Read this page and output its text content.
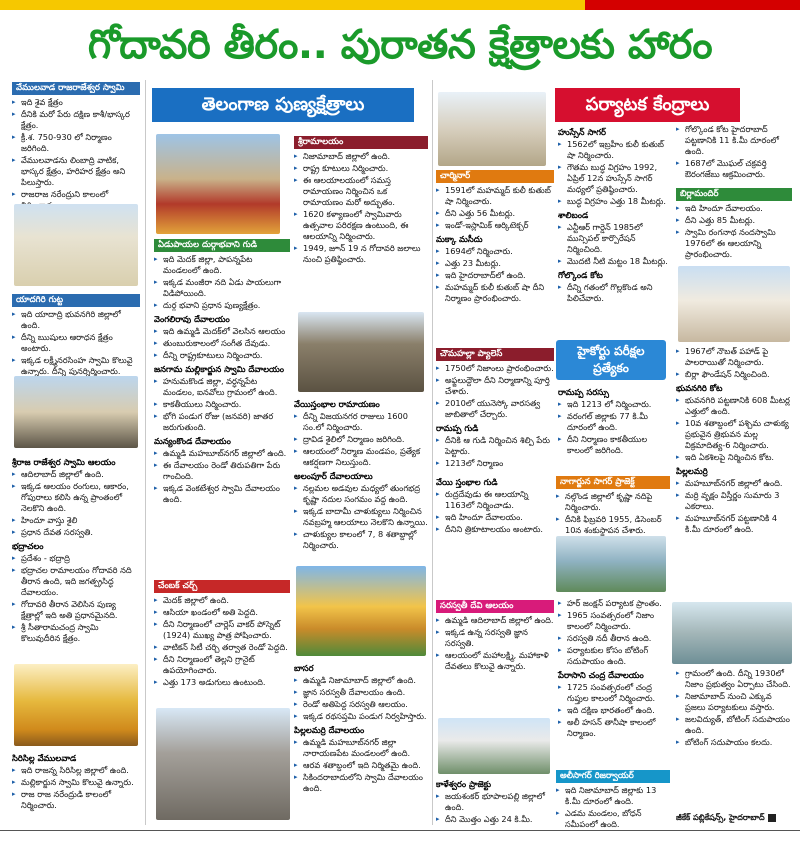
గోదావరి తీరం.. పురాతన క్షేత్రాలకు హారం
తెలంగాణ పుణ్యక్షేత్రాలు	పర్యాటక కేంద్రాలు
వేములవాడ రాజరాజేశ్వర స్వామి
▸ ఇది శైవ క్షేత్రం
▸ దీనికి మరో పేరు దక్షిణ కాశీ/భాస్కర క్షేత్రం.
▸ క్రీ.శ. 750-930 లో నిర్మాణం జరిగింది.
▸ వేములవాడను లింబాద్రి వాటిక, భాస్కర క్షేత్రం, హరిహర క్షేత్రం అని పిలుస్తారు.
▸ రాజరాజ నరేంద్రుని కాలంలో
యాదగిరి గుట్ట
▸ ఇది యాదాద్రి భువనగిరి జిల్లాలో ఉంది.
▸ దీన్ని ఋషులు ఆరాధన క్షేత్రం అంటారు.
▸ ఇక్కడ లక్ష్మీనరసింహ స్వామి కొలువై ఉన్నారు. దీన్ని పునర్నిర్మించారు.

శ్రీరాజ రాజేశ్వర స్వామి ఆలయం

▸ ఆదిలాబాద్ జిల్లాలో ఉంది.
▸ ఇక్కడ ఆలయం రంగులు, ఆకారం, గోపురాలు కలిసి ఉన్న ప్రాంతంలో నెలకొని ఉంది.
▸ హిందూ వాస్తు శైలి
▸ ప్రధాన దేవత సరస్వతి.

భద్రాచలం

▸ ప్రదేశం - భద్రాద్రి
▸ భద్రాచల రామాలయం గోదావరి నది తీరాన ఉంది, ఇది జగత్ప్రసిద్ధ దేవాలయం.
▸ గోదావరి తీరాన వెలిసిన పుణ్య క్షేత్రాల్లో ఇది అతి ప్రధానమైనది.
▸ శ్రీ సీతారామచంద్ర స్వామి కొలువుదీరిన క్షేత్రం.

సిరిసిల్ల వేములవాడ

▸ ఇది రాజన్న సిరిసిల్ల జిల్లాలో ఉంది.
▸ మల్లికార్జున స్వామి కొలువై ఉన్నారు.
▸ రాజ రాజ నరేంద్రుడి కాలంలో నిర్మించారు.
ఏడుపాయల దుర్గాభవాని గుడి
▸ ఇది మెదక్ జిల్లా, పాపన్నపేట మండలంలో ఉంది.
▸ ఇక్కడ మంజీరా నది ఏడు పాయలుగా విడిపోయింది.
▸ దుర్గ భవాని ప్రధాన పుణ్యక్షేత్రం.

వెంగలిరావు దేవాలయం

▸ ఇది ఉమ్మడి మెదక్‌లో వెలసిన ఆలయం
▸ తుంబురుకాలంలో సంగీత దేవుడు.
▸ దీన్ని రాష్ట్రకూటులు నిర్మించారు.

జనగామ మల్లికార్జున స్వామి దేవాలయం

▸ హనుమకొండ జిల్లా, వర్ధన్నపేట మండలం, ఐనవోలు గ్రామంలో ఉంది.
▸ కాకతీయులు నిర్మించారు.
▸ భోగి పండుగ రోజు (జనవరి) జాతర జరుగుతుంది.

మన్యంకొండ దేవాలయం

▸ ఉమ్మడి మహబూబ్‌నగర్ జిల్లాలో ఉంది.
▸ ఈ దేవాలయం రెండో తిరుపతిగా పేరు గాంచింది.
▸ ఇక్కడ వెంకటేశ్వర స్వామి దేవాలయం ఉంది.
చేంబక్ చర్చ్
▸ మెదక్ జిల్లాలో ఉంది.
▸ ఆసియా ఖండంలో అతి పెద్దది.
▸ దీని నిర్మాణంలో చార్లెస్ వాకర్ పోస్నెట్ (1924) ముఖ్య పాత్ర పోషించారు.
▸ వాటికన్ సిటీ చర్చి తర్వాత రెండో పెద్దది.
▸ దీని నిర్మాణంలో తెల్లని గ్రానైట్ ఉపయోగించారు.
▸ ఎత్తు 173 అడుగులు ఉంటుంది.
శ్రీరామాలయం
▸ నిజామాబాద్ జిల్లాలో ఉంది.
▸ రాష్ట్ర కూటులు నిర్మించారు.
▸ ఈ ఆలయాలయంలో సమస్త రామాయణం నిర్మించిన ఒక రామాయణం మరో అద్భుతం.
▸ 1620 కళ్యాణంలో స్వామివారు ఉత్సవాల పరిరక్షణ ఉంటుంది, ఈ ఆలయాన్ని నిర్మించారు.
▸ 1949, జూన్ 19 న గోదావరి జలాలు నుంచి ప్రతిష్ఠించారు.

వేయిస్తంభాల రామాయణం

▸ దీన్ని విజయనగర రాజులు 1600 సం.లో నిర్మించారు.
▸ ద్రావిడ శైలిలో నిర్మాణం జరిగింది.
▸ ఆలయంలో నిర్మాణ మండపం, ప్రత్యేక ఆకర్షణగా నిలుస్తుంది.

అలంపూర్ దేవాలయాలు

▸ నల్లమల అడవుల మధ్యలో తుంగభద్ర కృష్ణా నదుల సంగమం వద్ద ఉంది.
▸ ఇక్కడ బాదామీ చాళుక్యులు నిర్మించిన నవబ్రహ్మ ఆలయాలు నెలకొని ఉన్నాయి.
▸ చాళుక్యుల కాలంలో 7, 8 శతాబ్దాల్లో నిర్మించారు.

బాసర

▸ ఉమ్మడి నిజామాబాద్ జిల్లాలో ఉంది.
▸ జ్ఞాన సరస్వతీ దేవాలయం ఉంది.
▸ రెండో అతిపెద్ద సరస్వతి ఆలయం.
▸ ఇక్కడ రథసప్తమి పండుగ నిర్వహిస్తారు.

పిల్లలమర్రి దేవాలయం

▸ ఉమ్మడి మహబూబ్‌నగర్ జిల్లా నారాయణపేట మండలంలో ఉంది.
▸ ఆరవ శతాబ్దంలో ఇది నిర్మితమై ఉంది.
▸ సికిందరాబాదులోని స్వామి దేవాలయం ఉంది.
చార్మినార్
▸ 1591లో మహమ్మద్ కులీ కుతుబ్ షా నిర్మించారు.
▸ దీని ఎత్తు 56 మీటర్లు.
▸ ఇండో-ఇస్లామిక్ ఆర్కిటెక్చర్

మక్కా మసీదు

▸ 1694లో నిర్మించారు.
▸ ఎత్తు 23 మీటర్లు.
▸ ఇది హైదరాబాద్‌లో ఉంది.
▸ మహమ్మద్ కులీ కుతుబ్ షా దీని నిర్మాణం ప్రారంభించారు.
చౌమహల్లా ప్యాలెస్
▸ 1750లో నిజాంలు ప్రారంభించారు.
▸ అఫ్జలుద్దౌలా దీని నిర్మాణాన్ని పూర్తి చేశారు.
▸ 2010లో యునెస్కో వారసత్వ జాబితాలో చేర్చారు.

రామప్ప గుడి

▸ దీనికి ఆ గుడి నిర్మించిన శిల్పి పేరు పెట్టారు.
▸ 1213లో నిర్మాణం

వేయి స్తంభాల గుడి

▸ రుద్రదేవుడు ఈ ఆలయాన్ని 1163లో నిర్మించాడు.
▸ ఇది హిందూ దేవాలయం.
▸ దీనిని త్రికూటాలయం అంటారు.
సరస్వతీ దేవి ఆలయం
▸ ఉమ్మడి ఆదిలాబాద్ జిల్లాలో ఉంది.
▸ ఇక్కడ ఉన్న సరస్వతి జ్ఞాన సరస్వతి.
▸ ఆలయంలో మహాలక్ష్మి, మహాకాళి దేవతలు కొలువై ఉన్నారు.

కాళేశ్వరం ప్రాజెక్టు

▸ జయశంకర్ భూపాలపల్లి జిల్లాలో ఉంది.
▸ దీని మొత్తం ఎత్తు 24 కి.మీ.

హుస్సేన్ సాగర్

▸ 1562లో ఇబ్రహీం కులీ కుతుబ్ షా నిర్మించారు.
▸ గౌతమ బుద్ధ విగ్రహం 1992, ఏప్రిల్ 12న హుస్సేన్ సాగర్ మధ్యలో ప్రతిష్ఠించారు.
▸ బుద్ధ విగ్రహం ఎత్తు 18 మీటర్లు.

శాలిబండ

▸ ఎన్టీఆర్ గార్డెన్ 1985లో మున్సిపల్ కార్పొరేషన్ నిర్మించింది.
▸ మొదటి నీటి మట్టం 18 మీటర్లు.

గోల్కొండ కోట

▸ దీన్ని గతంలో గొల్లకొండ అని పిలిచేవారు.
హైకోర్టు పరీక్షల ప్రత్యేకం

రామప్ప సరస్సు

▸ ఇది 1213 లో నిర్మించారు.
▸ వరంగల్ జిల్లాకు 77 కి.మీ దూరంలో ఉంది.
▸ దీని నిర్మాణం కాకతీయుల కాలంలో జరిగింది.
నాగార్జున సాగర్ ప్రాజెక్ట్
▸ నల్గొండ జిల్లాలో కృష్ణా నదిపై నిర్మించారు.
▸ దీనికి ఫిబ్రవరి 1955, డిసెంబర్ 10న శంకుస్థాపన చేశారు.
▸ హర్ జంక్షన్ పర్యాటక ప్రాంతం.
▸ 1965 సంవత్సరంలో నిజాం కాలంలో నిర్మించారు.
▸ సరస్వతి నదీ తీరాన ఉంది.
▸ పర్యాటకుల కోసం బోటింగ్ సదుపాయం ఉంది.

పేరాసాని చంద్ర దేవాలయం

▸ 1725 సంవత్సరంలో చంద్ర గుప్తుల కాలంలో నిర్మించారు.
▸ ఇది దక్షిణ భారతంలో ఉంది.
▸ అలీ హసన్ తానీషా కాలంలో నిర్మాణం.
అలీసాగర్ రిజర్వాయర్
▸ ఇది నిజామాబాద్ జిల్లాకు 13 కి.మీ దూరంలో ఉంది.
▸ ఎడమ మండలం, బోధన్ సమీపంలో ఉంది.
▸ గోల్కొండ కోట హైదరాబాద్ పట్టణానికి 11 కి.మీ దూరంలో ఉంది.
▸ 1687లో మొఘల్ చక్రవర్తి ఔరంగజేబు ఆక్రమించారు.
బిర్లామందిర్
▸ ఇది హిందూ దేవాలయం.
▸ దీని ఎత్తు 85 మీటర్లు.
▸ స్వామి రంగనాథ నందస్వామి 1976లో ఈ ఆలయాన్ని ప్రారంభించారు.
▸ 1967లో నౌబత్ పహాడ్ పై పాలరాయితో నిర్మించారు.
▸ బిర్లా ఫౌండేషన్ నిర్మించింది.

భువనగిరి కోట

▸ భువనగిరి పట్టణానికి 608 మీటర్ల ఎత్తులో ఉంది.
▸ 10వ శతాబ్దంలో పశ్చిమ చాళుక్య ప్రభువైన త్రిభువన మల్ల విక్రమాదిత్య-6 నిర్మించారు.
▸ ఇది ఏకశిలపై నిర్మించిన కోట.

పిల్లలమర్రి

▸ మహబూబ్‌నగర్ జిల్లాలో ఉంది.
▸ మర్రి వృక్షం విస్తీర్ణం సుమారు 3 ఎకరాలు.
▸ మహబూబ్‌నగర్ పట్టణానికి 4 కి.మీ దూరంలో ఉంది.
▸ గ్రామంలో ఉంది. దీన్ని 1930లో నిజాం ప్రభుత్వం ఏర్పాటు చేసింది.
▸ నిజామాబాద్ నుంచి ఎక్కువ ప్రజలు పర్యాటకులు వస్తారు.
▸ జలవిద్యుత్, బోటింగ్ సదుపాయం ఉంది.
▸ బోటింగ్ సదుపాయం కలదు.
జీకేక్ పబ్లికేషన్స్, హైదరాబాద్
